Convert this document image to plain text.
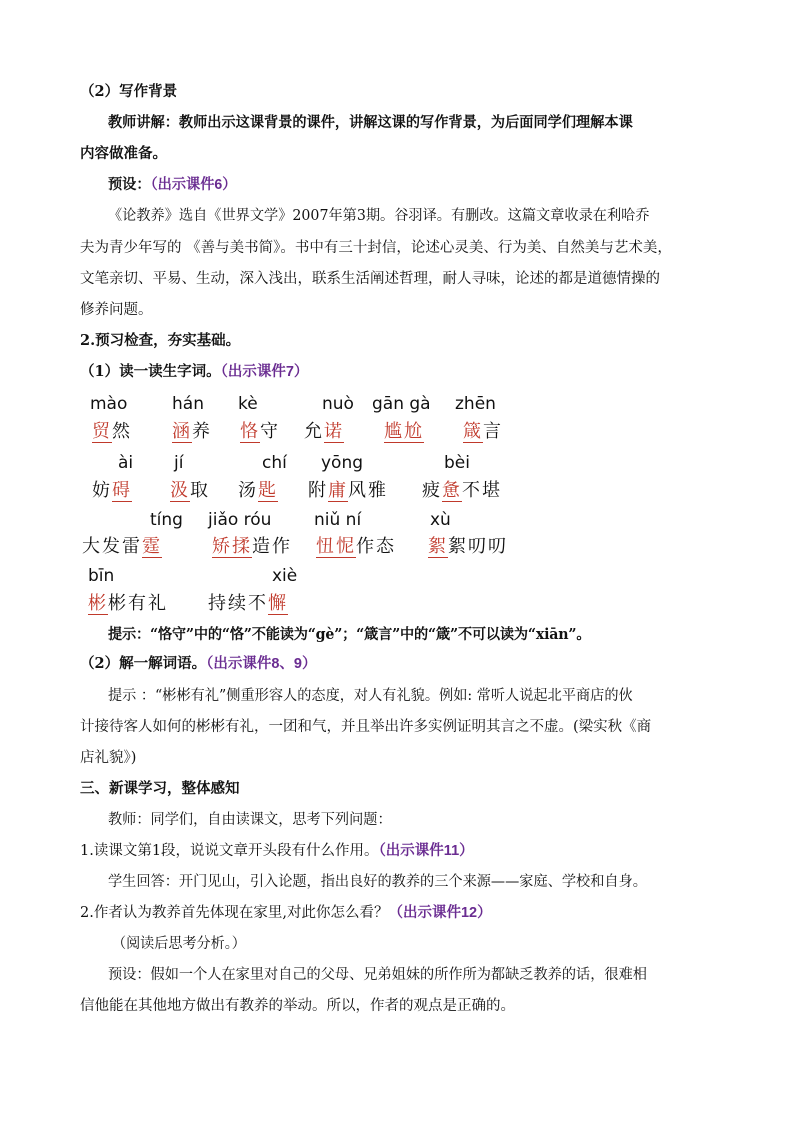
（2）写作背景
教师讲解：教师出示这课背景的课件，讲解这课的写作背景，为后面同学们理解本课
内容做准备。
预设：（出示课件6）
《论教养》选自《世界文学》2007年第3期。谷羽译。有删改。这篇文章收录在利哈乔
夫为青少年写的 《善与美书简》。书中有三十封信，论述心灵美、行为美、自然美与艺术美，
文笔亲切、平易、生动，深入浅出，联系生活阐述哲理，耐人寻味，论述的都是道德情操的
修养问题。
2.预习检查，夯实基础。
（1）读一读生字词。（出示课件7）
mào	hán kè	nuò gān gà zhēn
贸然 涵养 恪守 允诺 尴尬 箴言
ài jí	chí yōng	bèi
妨碍 汲取 汤匙 附庸风雅 疲惫不堪
tíng jiǎo róu	niǔ ní	xù
大发雷霆	矫揉造作 忸怩作态 絮絮叨叨
bīn	xiè
彬彬有礼 持续不懈
提示：“恪守”中的“恪”不能读为“gè”；“箴言”中的“箴”不可以读为“xiān”。
（2）解一解词语。（出示课件8、9）
提示 ：“彬彬有礼”侧重形容人的态度，对人有礼貌。例如: 常听人说起北平商店的伙
计接待客人如何的彬彬有礼，一团和气，并且举出许多实例证明其言之不虚。(梁实秋《商
店礼貌》)
三、新课学习，整体感知
教师：同学们，自由读课文，思考下列问题：
1.读课文第1段，说说文章开头段有什么作用。（出示课件11）
学生回答：开门见山，引入论题，指出良好的教养的三个来源——家庭、学校和自身。
2.作者认为教养首先体现在家里,对此你怎么看？（出示课件12）
（阅读后思考分析。）
预设：假如一个人在家里对自己的父母、兄弟姐妹的所作所为都缺乏教养的话，很难相
信他能在其他地方做出有教养的举动。所以，作者的观点是正确的。
